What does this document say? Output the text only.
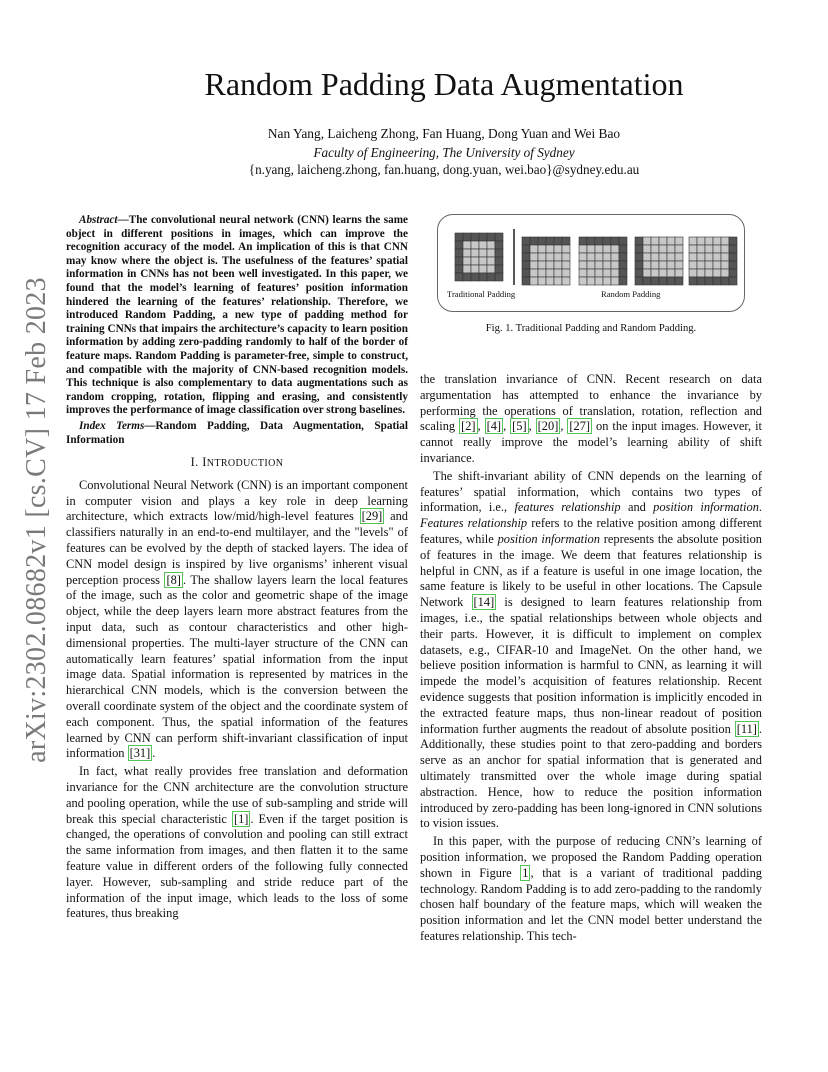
arXiv:2302.08682v1 [cs.CV] 17 Feb 2023
Random Padding Data Augmentation
Nan Yang, Laicheng Zhong, Fan Huang, Dong Yuan and Wei Bao
Faculty of Engineering, The University of Sydney
{n.yang, laicheng.zhong, fan.huang, dong.yuan, wei.bao}@sydney.edu.au

Abstract—The convolutional neural network (CNN) learns the same object in different positions in images, which can improve the recognition accuracy of the model. An implication of this is that CNN may know where the object is. The usefulness of the features’ spatial information in CNNs has not been well investigated. In this paper, we found that the model’s learning of features’ position information hindered the learning of the features’ relationship. Therefore, we introduced Random Padding, a new type of padding method for training CNNs that impairs the architecture’s capacity to learn position information by adding zero-padding randomly to half of the border of feature maps. Random Padding is parameter-free, simple to construct, and compatible with the majority of CNN-based recognition models. This technique is also complementary to data augmentations such as random cropping, rotation, flipping and erasing, and consistently improves the performance of image classification over strong baselines.

Index Terms—Random Padding, Data Augmentation, Spatial Information

I. INTRODUCTION

Convolutional Neural Network (CNN) is an important component in computer vision and plays a key role in deep learning architecture, which extracts low/mid/high-level features [29] and classifiers naturally in an end-to-end multilayer, and the "levels" of features can be evolved by the depth of stacked layers. The idea of CNN model design is inspired by live organisms’ inherent visual perception process [8] . The shallow layers learn the local features of the image, such as the color and geometric shape of the image object, while the deep layers learn more abstract features from the input data, such as contour characteristics and other high-dimensional properties. The multi-layer structure of the CNN can automatically learn features’ spatial information from the input image data. Spatial information is represented by matrices in the hierarchical CNN models, which is the conversion between the overall coordinate system of the object and the coordinate system of each component. Thus, the spatial information of the features learned by CNN can perform shift-invariant classification of input information [31] .

In fact, what really provides free translation and deformation invariance for the CNN architecture are the convolution structure and pooling operation, while the use of sub-sampling and stride will break this special characteristic [1] . Even if the target position is changed, the operations of convolution and pooling can still extract the same information from images, and then flatten it to the same feature value in different orders of the following fully connected layer. However, sub-sampling and stride reduce part of the information of the input image, which leads to the loss of some features, thus breaking

Traditional Padding	Random Padding
Fig. 1. Traditional Padding and Random Padding.

the translation invariance of CNN. Recent research on data argumentation has attempted to enhance the invariance by performing the operations of translation, rotation, reflection and scaling [2] , [4] , [5] , [20] , [27] on the input images. However, it cannot really improve the model’s learning ability of shift invariance.

The shift-invariant ability of CNN depends on the learning of features’ spatial information, which contains two types of information, i.e., features relationship and position information. Features relationship refers to the relative position among different features, while position information represents the absolute position of features in the image. We deem that features relationship is helpful in CNN, as if a feature is useful in one image location, the same feature is likely to be useful in other locations. The Capsule Network [14] is designed to learn features relationship from images, i.e., the spatial relationships between whole objects and their parts. However, it is difficult to implement on complex datasets, e.g., CIFAR-10 and ImageNet. On the other hand, we believe position information is harmful to CNN, as learning it will impede the model’s acquisition of features relationship. Recent evidence suggests that position information is implicitly encoded in the extracted feature maps, thus non-linear readout of position information further augments the readout of absolute position [11] . Additionally, these studies point to that zero-padding and borders serve as an anchor for spatial information that is generated and ultimately transmitted over the whole image during spatial abstraction. Hence, how to reduce the position information introduced by zero-padding has been long-ignored in CNN solutions to vision issues.

In this paper, with the purpose of reducing CNN’s learning of position information, we proposed the Random Padding operation shown in Figure 1 , that is a variant of traditional padding technology. Random Padding is to add zero-padding to the randomly chosen half boundary of the feature maps, which will weaken the position information and let the CNN model better understand the features relationship. This tech-
